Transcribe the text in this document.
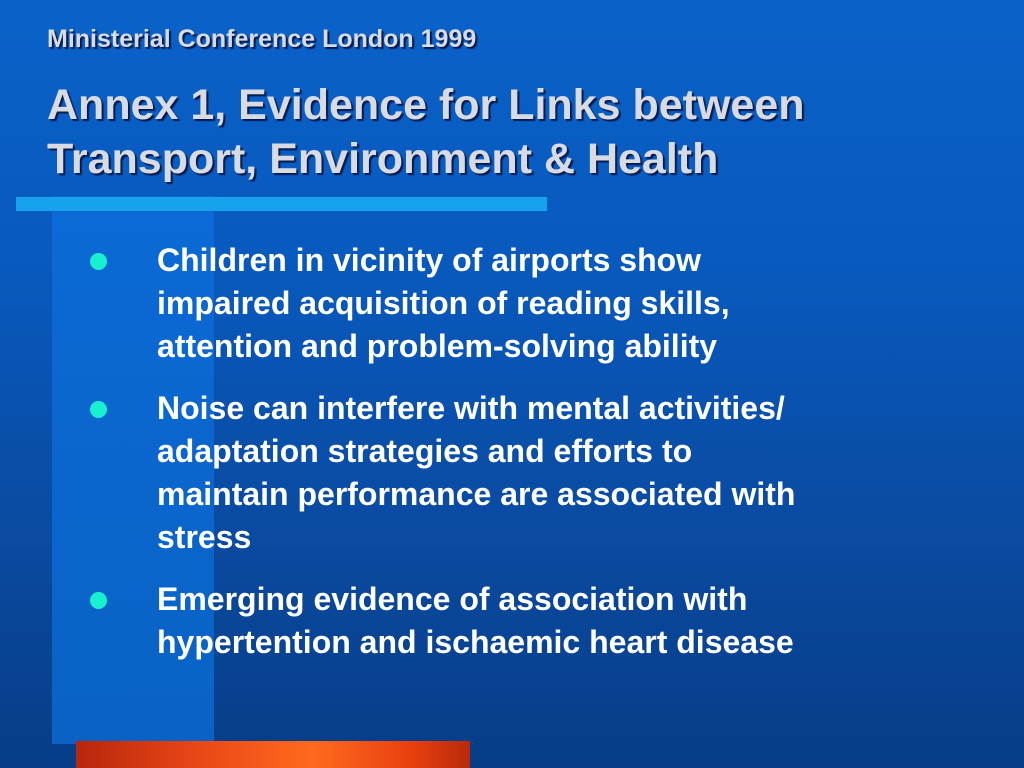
Ministerial Conference London 1999
Annex 1, Evidence for Links between
Transport, Environment & Health
Children in vicinity of airports show
impaired acquisition of reading skills,
attention and problem-solving ability
Noise can interfere with mental activities/
adaptation strategies and efforts to
maintain performance are associated with
stress
Emerging evidence of association with
hypertention and ischaemic heart disease
